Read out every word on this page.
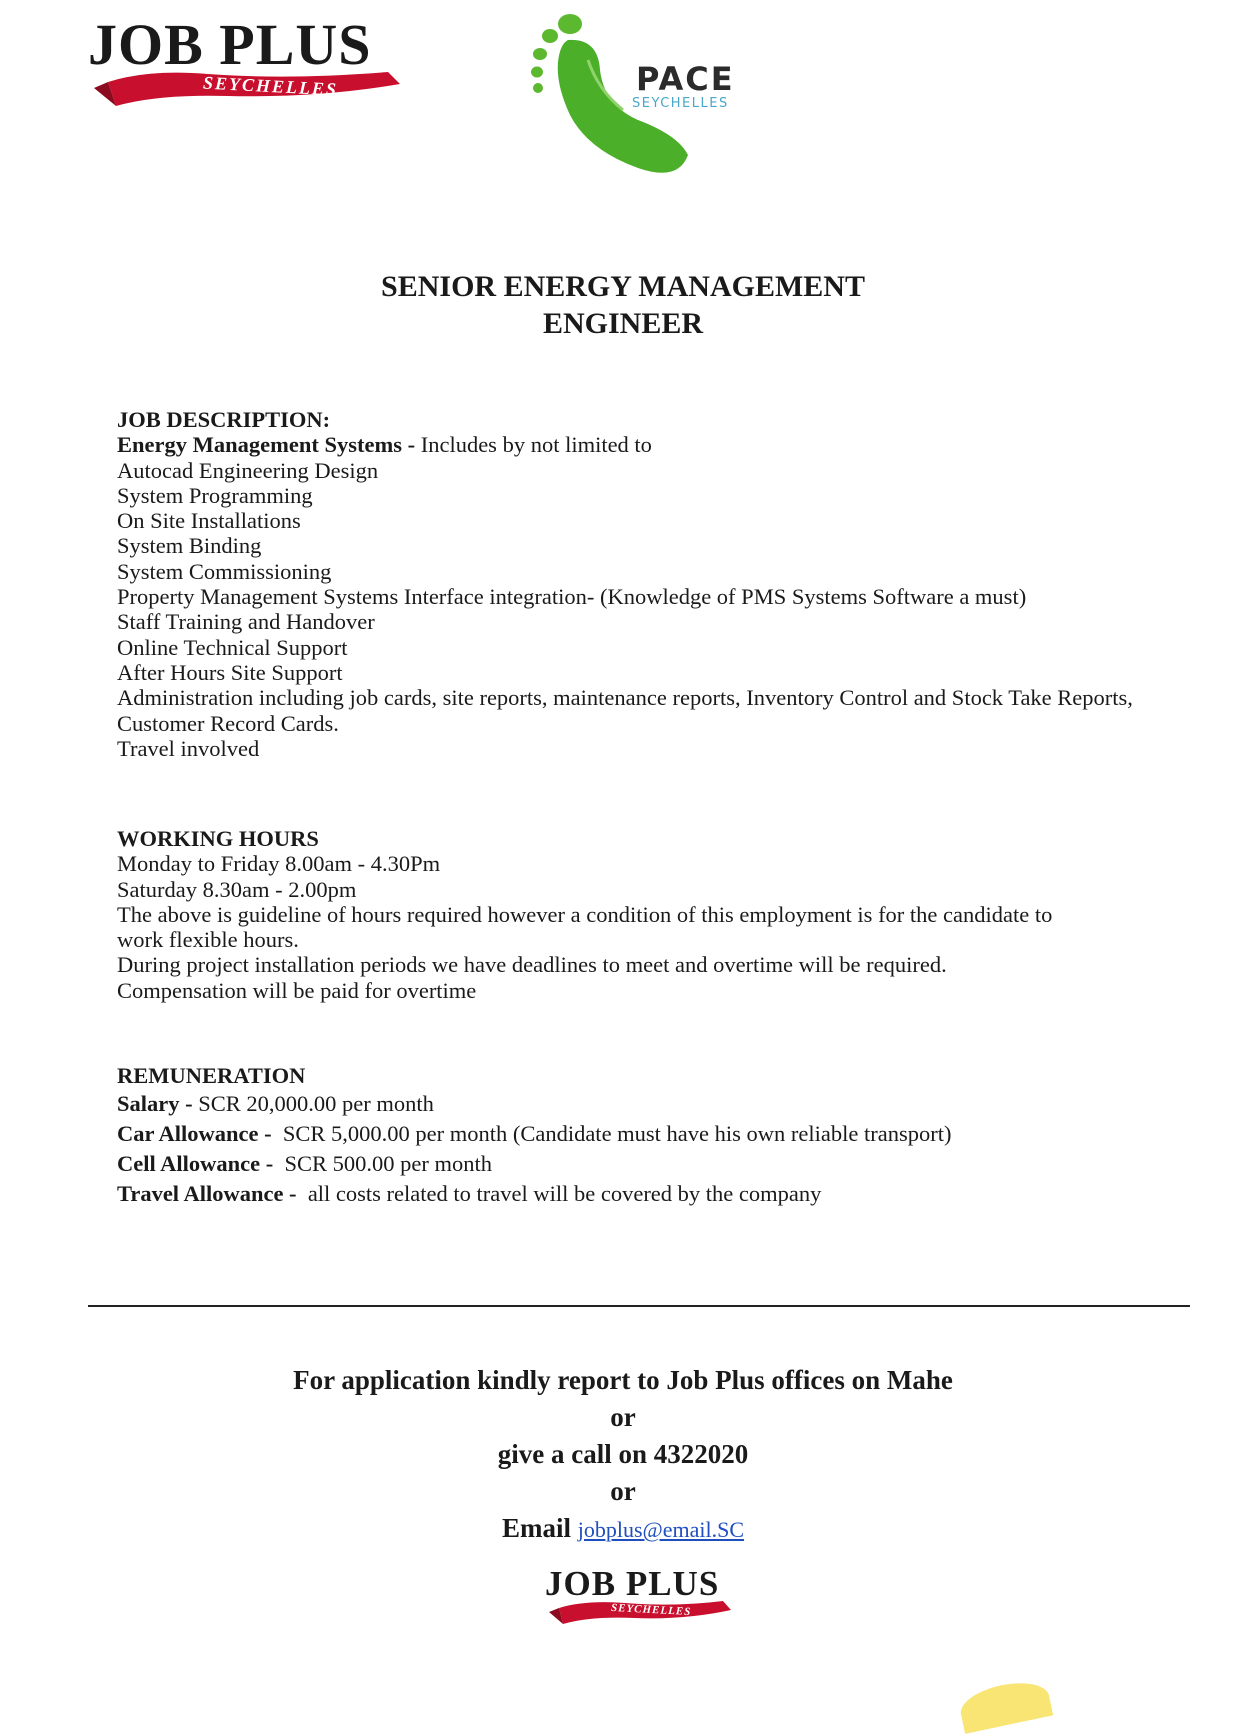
JOB PLUS
SEYCHELLES	PACE
SEYCHELLES
SENIOR ENERGY MANAGEMENT
ENGINEER
JOB DESCRIPTION:
Energy Management Systems - Includes by not limited to
Autocad Engineering Design
System Programming
On Site Installations
System Binding
System Commissioning
Property Management Systems Interface integration- (Knowledge of PMS Systems Software a must)
Staff Training and Handover
Online Technical Support
After Hours Site Support
Administration including job cards, site reports, maintenance reports, Inventory Control and Stock Take Reports, Customer Record Cards.
Travel involved
WORKING HOURS
Monday to Friday 8.00am - 4.30Pm
Saturday 8.30am - 2.00pm
The above is guideline of hours required however a condition of this employment is for the candidate to work flexible hours.
During project installation periods we have deadlines to meet and overtime will be required.
Compensation will be paid for overtime
REMUNERATION
Salary - SCR 20,000.00 per month
Car Allowance -  SCR 5,000.00 per month (Candidate must have his own reliable transport)
Cell Allowance -  SCR 500.00 per month
Travel Allowance -  all costs related to travel will be covered by the company
For application kindly report to Job Plus offices on Mahe
or
give a call on 4322020
or
Email jobplus@email.SC
JOB PLUS
SEYCHELLES
